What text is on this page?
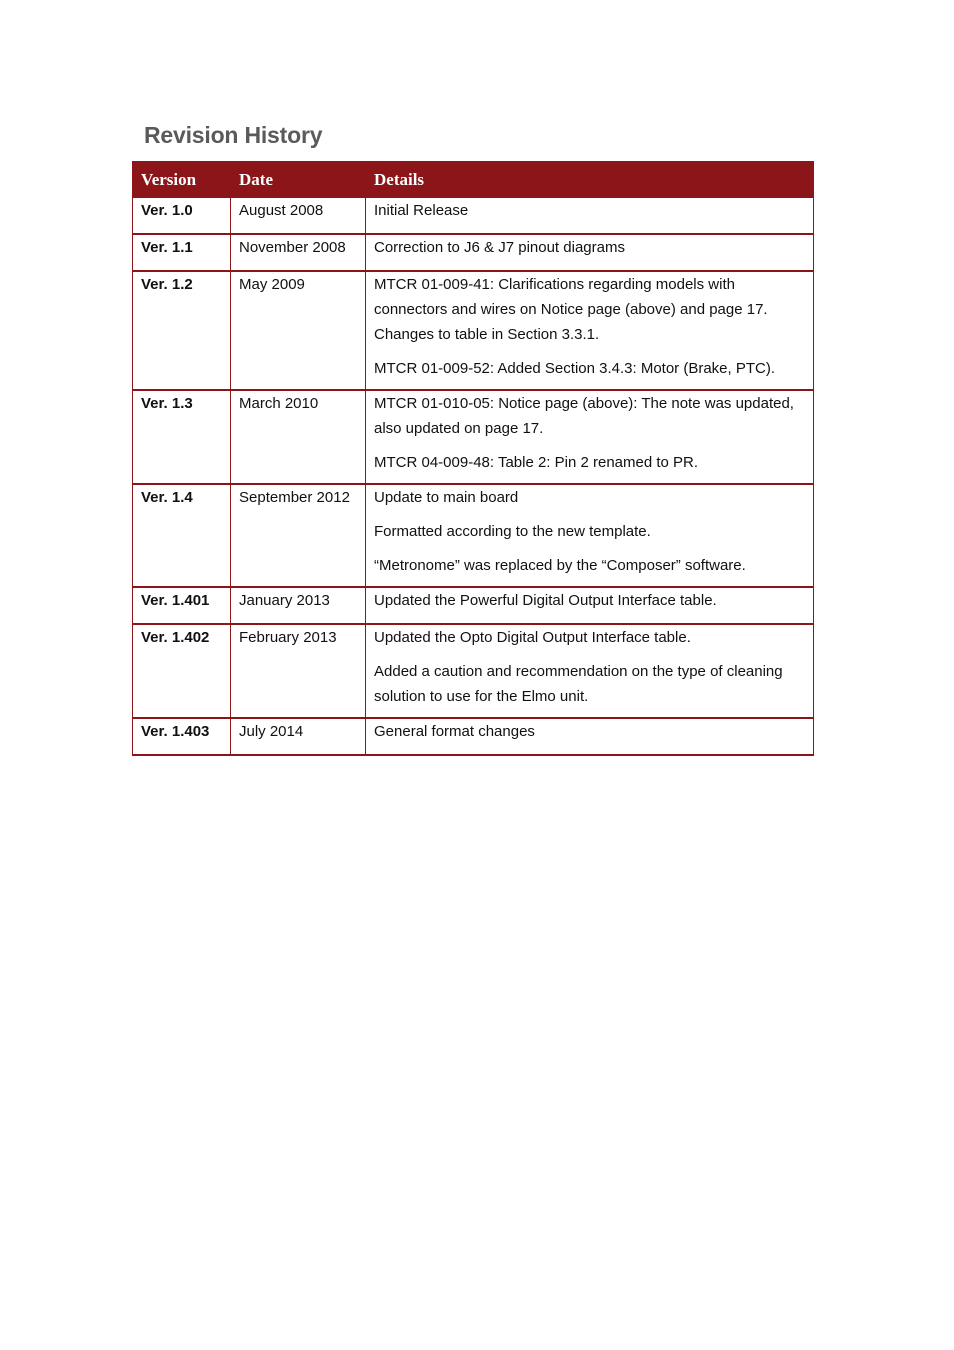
Revision History
Version	Date	Details
Ver. 1.0	August 2008	Initial Release

Ver. 1.1	November 2008	Correction to J6 & J7 pinout diagrams

Ver. 1.2	May 2009	MTCR 01-009-41: Clarifications regarding models with connectors and wires on Notice page (above) and page 17. Changes to table in Section 3.3.1.
MTCR 01-009-52: Added Section 3.4.3: Motor (Brake, PTC).

Ver. 1.3	March 2010	MTCR 01-010-05: Notice page (above): The note was updated, also updated on page 17.
MTCR 04-009-48: Table 2: Pin 2 renamed to PR.

Ver. 1.4	September 2012	Update to main board
Formatted according to the new template.
“Metronome” was replaced by the “Composer” software.

Ver. 1.401	January 2013	Updated the Powerful Digital Output Interface table.

Ver. 1.402	February 2013	Updated the Opto Digital Output Interface table.
Added a caution and recommendation on the type of cleaning solution to use for the Elmo unit.

Ver. 1.403	July 2014	General format changes
